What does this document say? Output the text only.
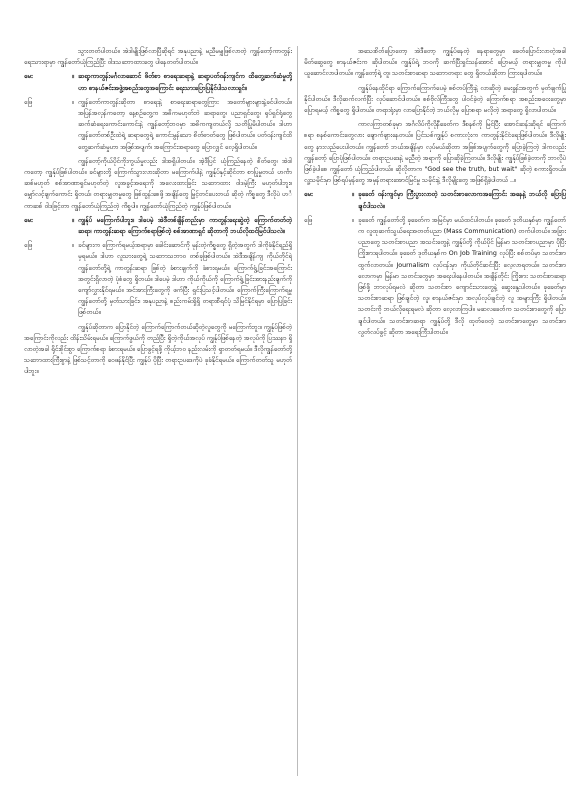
သွားတတ်ပါတယ်။ အဲဒါမျိုးဖြစ်လာပြီဆိုရင် အနုပညာနဲ့ မညီမမျှဖြစ်လာတဲ့ ကျွန်တော့်ကာတွန်းရေးသားရာမှာ ကျွန်တော်ယုံကြည်ပြီး ဝါဒသဘောထားတွေ ပါနေတတ်ပါတယ်။
မေး	။ ဆရာ့ကာတွန်းမင်္ဂလာဆောင် ဖိတ်စာ စာရေးဆရာနဲ့ ဆရာ့ပတ်ဝန်းကျင်က ထိတွေ့ဆက်ဆံမှုတို့ဟာ စာနယ်ဇင်းအဖွဲ့အစည်းတွေအကြောင်း ရေးသားပြောပြနိုင်ပါသလားရှင်။
ဖြေ	။ ကျွန်တော်ကာတွန်းဆိုတာ စာရေးနဲ့ စာရေးဆရာတွေကြား အတော်များများနဲ့ခင်ပါတယ်။ အပြန်အလှန်ကတော့ နေ့စဉ်တွေ့က အဓိကမဟုတ်ဘဲ ဆရာတွေ၊ ပညာရှင်တွေ၊ ရုပ်ရှင်ရုံတွေ ဆက်ဆံရေးကောင်းကောင်းနဲ့ ကျွန်တော့်ဘဝမှာ အဓိကကျတယ်လို့ သတိပြုမိပါတယ်။ ဒါဟာ ကျွန်တော်တစ်ဦးထဲရဲ့ ဆရာတွေရဲ့ ကောင်းမွန်သော စိတ်ဓာတ်တွေ ဖြစ်ပါတယ်။ ပတ်ဝန်းကျင်ထိတွေ့ဆက်ဆံမှုဟာ အဖြစ်အပျက်၊ အကြောင်းအရာတွေ ပြောလျှင် လေ့ရှိပါတယ်။
ကျွန်တော့်ကိုယ်ပိုင်ကိုးကွယ်မှုလည်း ဒါအရှိပါတယ်။ အဲ့ဒီပြင် ယုံကြည်နေတဲ့ စိတ်တွေ၊ အဲဒါကတော့ ကျွန်ုပ်ဖြစ်ပါတယ်။ ခင်များတို့ ကြောက်သွားလားဆိုတာ မကြောက်ပါနဲ့ ကျွန်ုပ်နှင့်ဆိုင်တာ စာပြုမှုတယ် ဟင်္ကာဆစ်မဟုတ် စစ်အာဏာရှင်မဟုတ်တဲ့ လူအခွင့်အရေးကို အလေးထားခြင်း သဘောထား ဝါဒမဲ့ကြီး မဟုတ်ပါဘူး။ မျှော်လင့်ချက်ကောင်း ရှိတယ်၊ တရားမျှတမှုတွေ ဖြစ်ထွန်းစေဖို့ အချိန်တွေ မြှင့်တင်ပေးတယ် ဆိုတဲ့ ကိစ္စတွေ ဒီလိုပဲ ဟင်္ကာဆစ် ဝါဒဖြင့်တာ ကျွန်တော်ယုံကြည်တဲ့ ကိစ္စပါ။ ကျွန်တော်ယုံကြည်တဲ့ ကျွန်ုပ်ဖြစ်ပါတယ်။
မေး	။ ကျွန်ုပ် မကြောက်ပါဘူး။ ဒါပေမဲ့ အဲဒီတစ်ချိန်တည်းမှာ ကာတွန်းရေးဆွဲတဲ့ ကြောက်တတ်တဲ့ ဆရာ၊ ကာတွန်းဆရာ ကြောက်စရာဖြစ်တဲ့ စစ်အာဏာရှင် ဆိုတာကို ဘယ်လိုထင်မြင်ပါသလဲ။
ဖြေ	။ ခင်များက ကြောက်ရမယ့်အရာမှာ ခေါင်းဆောင်ကို မုန်းတဲ့ကိစ္စတွေ ရှိတဲ့အတွက် ဒါကိုခံနိုင်ရည်ရှိမှရမယ်။ ဒါဟာ လူသားတွေရဲ့ သဘောသဘာဝ တစ်ခုဖြစ်ပါတယ်။ အဲဒီအချိန်ကျ ကိုယ်တိုင်ရဲ့ ကျွန်တော်တို့ရဲ့ ကာတွန်းဆရာ ဖြစ်တဲ့ ခံစားချက်ကို ခံစားရမယ်။ ကြောက်ရွံ့ခြင်းအကြောင်း အတွင်းရှိလာတဲ့ ပုံစံတွေ ရှိတယ်။ ဒါပေမဲ့ ဒါဟာ ကိုယ်ကိုယ်ကို ကြောက်ရွံ့ခြင်းအားနည်းချက်ကို ကျော်လွှားနိုင်ရမယ်။ အင်အားကြီးတွေကို ဖက်ပြီး ရှင်းပြသင့်ပါတယ်။ ကြောက်ကြီးကြောက်ရမှု ကျွန်တော်တို့ မှတ်သားခြင်း၊ အနုပညာနဲ့ စည်းကမ်းရှိရှိ တရားစီရင်ပုံ သိမြင်နိုင်ရမှာ ပြောပြခြင်း ဖြစ်တယ်။
ကျွန်ုပ်ဆိုတာက ပြောနိုင်တဲ့ ကြောက်ကြောက်တယ်ဆိုတဲ့လူတွေကို မကြောက်ဘူး။ ကျွန်ုပ်ဖြစ်တဲ့အကြောင်းကိုလည်း ထိန်းသိမ်းရမယ်။ ကြောက်ဖွယ်ကို တည်ပြီး ရှိတဲ့ကိုယ်အလုပ် ကျွန်ုပ်ဖြစ်နေတဲ့ အလုပ်ကို ပြဿနာ ရှိလာတဲ့အခါ ရိုင်းစိုင်းစွာ ကြောက်စရာ ခံစားရမယ်။ ပြောခွင့်ရဖို့ ကိုယ့်ဘဝ နည်းလမ်းကို ရှာတတ်ရမယ်။ ဒီလိုကျွန်တော်တို့ သဘောထားကြီးစွာနဲ့ ဖြစ်သင့်တာကို ဝေဖန်နိုင်ပြီး ကျွန်ုပ် ပိုပြီး တရားဥပဒေကိုပဲ ခုခံနိုင်ရမယ်။ ကြောက်တတ်သူ မဟုတ်ပါဘူး။
အသေးစိတ်ပြောတော့ အဲဒီတော့ ကျွန်ုပ်နေတဲ့ နေရာတွေမှာ ခေတ်ပြောင်းလာတဲ့အခါ မိတ်ဆွေတွေ စာနယ်ဇင်းက ဆိုပါတယ်။ ကျွန်ုပ်ရဲ့ ဘဝကို ဆက်ပြီးရှင်သန်အောင် ပြောမယ့် တရားမျှတမှု ကိုပါ ယူဆောင်လာပါတယ်။ ကျွန်တော့်ရဲ့ တူ၊ သတင်းစာဆရာ သဘောတရား တွေ ရှိတယ်ဆိုတာ ကြားရပါတယ်။
ကျွန်ုပ်နေထိုင်ရာ ကြောက်ကြောက်ပေမဲ့ စစ်တပ်ကြီးနဲ့ လာဆိုတဲ့ မေးခွန်းအတွက် မှတ်ချက်ပြုနိုင်ပါတယ်။ ဒီလိုဆက်လက်ပြီး လုပ်ဆောင်ပါတယ်။ စစ်ဗိုလ်ကြီးတွေ ပါဝင်ခဲ့တဲ့ ကြောက်စရာ အစည်းအဝေးတွေမှာ ပြောရမယ့် ကိစ္စတွေ ရှိပါတယ်။ တရားရုံးမှာ လာပြောနိုင်တဲ့ ဘယ်လိုမှ ပြောစရာ မလိုတဲ့ အရာတွေ ရှိလာပါတယ်။
ကာလကြာတစ်ခုမှာ အင်္ဂလိပ်ကိုလိုနီခေတ်က ဒီစနစ်ကို မြင်ပြီး အောင်ဆန်းဆိုရင် ကြောက်စရာ စနစ်ကောင်းတွေလား ချောက်ချားနေတယ်။ ပြင်သစ်ကျွန်ုပ် စကားလုံးက ကာတွန်းနိုင်ငံရေးဖြစ်ပါတယ်။ ဒီလိုမျိုးတွေ နားလည်ပေးပါတယ်။ ကျွန်တော် ဘယ်အချိန်မှာ လုပ်မယ်ဆိုတာ အဖြစ်အပျက်တွေကို ပြောခဲ့ကြတဲ့ ဒါကလည်း ကျွန်တော့် ပြောပုံဖြစ်ပါတယ်။ တရားဥပဒေနဲ့ မညီတဲ့ အရာကို ပြောဆိုခဲ့ကြတယ်။ ဒီလိုမျိုး ကျွန်ုပ်ဖြစ်ခဲ့တာကို ဘာလိုပဲ ဖြစ်ခဲ့ပါစေ ကျွန်တော် ယုံကြည်ပါတယ်။ ဆိုလိုတာက "God see the truth, but wait" ဆိုတဲ့ စကားရှိတယ်။ လူ့သမိုင်းမှာ ဖြစ်ရပ်မှန်တွေ အမှန်တရားအောင်မြင်မှု သမိုင်းနဲ့ ဒီလိုမျိုးတွေ အဖြစ်ရှိခဲ့ပါတယ် ..။
မေး	။ ခုခေတ် ဝန်းကျင်မှာ ကြီးပွားလာတဲ့ သတင်းစာလောကအကြောင်း အနေနဲ့ ဘယ်လို ပြောပြချင်ပါသလဲ။
ဖြေ	။ ခုခေတ် ကျွန်တော်တို့ ခုခေတ်က အမြင်မှာ မယ်ထင်ပါတယ်။ ခုခေတ် ဒုတိယနှစ်မှာ ကျွန်တော်က လူထုဆက်သွယ်ရေးအတတ်ပညာ (Mass Communication) တက်ပါတယ်။ အခြားပညာတွေ သတင်းစာပညာ အသင်းတွေနဲ့ ကျွန်ုပ်တို့ ကိုယ်ပိုင် မြန်မာ သတင်းစာပညာမှာ ပိုပြီး ကြိုးစားရပါတယ်။ ခုခေတ် ဒုတိယနှစ်က On Job Training လုပ်ပြီး စစ်တပ်မှာ သတင်းစာ ထွက်လာတယ်။ Journalism လုပ်ငန်းမှာ ကိုယ်တိုင်ဆင်းပြီး လေ့လာရတယ်။ သတင်းစာလောကမှာ မြန်မာ သတင်းတွေမှာ အရေးပါနေပါတယ်။ အချိန်တိုင်း ကြိုးစား သတင်းစာဆရာ ဖြစ်ဖို့ ဘာလုပ်ရမလဲ ဆိုတာ သတင်းစာ ကျောင်းသားတွေနဲ့ ဆွေးနွေးပါတယ်။ ခုခေတ်မှာ သတင်းစာဆရာ ဖြစ်ချင်တဲ့ လူ၊ စာနယ်ဇင်းမှာ အလုပ်လုပ်ချင်တဲ့ လူ အများကြီး ရှိပါတယ်။ သတင်းကို ဘယ်လိုရေးရမလဲ ဆိုတာ လေ့လာကြပါ။ မဆလခေတ်က သတင်းစာတွေကို ပြောချင်ပါတယ်။ သတင်းစာဆရာ ကျွန်ုပ်တို့ ဒီလို ထုတ်ဝေတဲ့ သတင်းစာတွေမှာ သတင်းစာလွတ်လပ်ခွင့် ဆိုတာ အရေးကြီးပါတယ်။
